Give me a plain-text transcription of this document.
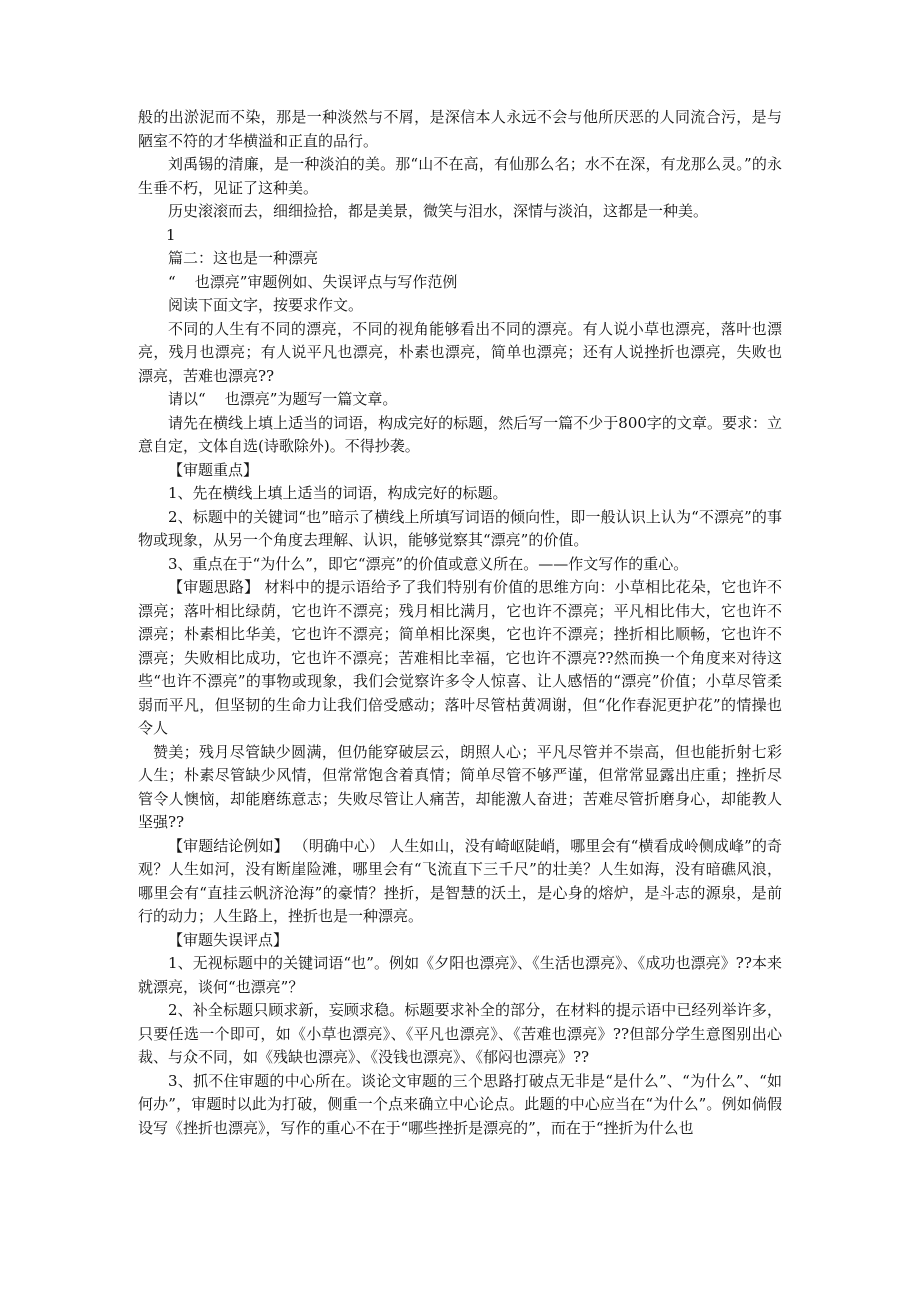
般的出淤泥而不染，那是一种淡然与不屑，是深信本人永远不会与他所厌恶的人同流合污，是与陋室不符的才华横溢和正直的品行。

刘禹锡的清廉，是一种淡泊的美。那“山不在高，有仙那么名；水不在深，有龙那么灵。”的永生垂不朽，见证了这种美。

历史滚滚而去，细细捡拾，都是美景，微笑与泪水，深情与淡泊，这都是一种美。

1

篇二：这也是一种漂亮

“    也漂亮”审题例如、失误评点与写作范例

阅读下面文字，按要求作文。

不同的人生有不同的漂亮，不同的视角能够看出不同的漂亮。有人说小草也漂亮，落叶也漂亮，残月也漂亮；有人说平凡也漂亮，朴素也漂亮，简单也漂亮；还有人说挫折也漂亮，失败也漂亮，苦难也漂亮??

请以“    也漂亮”为题写一篇文章。

请先在横线上填上适当的词语，构成完好的标题，然后写一篇不少于800字的文章。要求：立意自定，文体自选(诗歌除外)。不得抄袭。

【审题重点】

1、先在横线上填上适当的词语，构成完好的标题。

2、标题中的关键词“也”暗示了横线上所填写词语的倾向性，即一般认识上认为“不漂亮”的事物或现象，从另一个角度去理解、认识，能够觉察其“漂亮”的价值。

3、重点在于“为什么”，即它“漂亮”的价值或意义所在。——作文写作的重心。

【审题思路】 材料中的提示语给予了我们特别有价值的思维方向：小草相比花朵，它也许不漂亮；落叶相比绿荫，它也许不漂亮；残月相比满月，它也许不漂亮；平凡相比伟大，它也许不漂亮；朴素相比华美，它也许不漂亮；简单相比深奥，它也许不漂亮；挫折相比顺畅，它也许不漂亮；失败相比成功，它也许不漂亮；苦难相比幸福，它也许不漂亮??然而换一个角度来对待这些“也许不漂亮”的事物或现象，我们会觉察许多令人惊喜、让人感悟的“漂亮”价值；小草尽管柔弱而平凡，但坚韧的生命力让我们倍受感动；落叶尽管枯黄凋谢，但“化作春泥更护花”的情操也令人

赞美；残月尽管缺少圆满，但仍能穿破层云，朗照人心；平凡尽管并不崇高，但也能折射七彩人生；朴素尽管缺少风情，但常常饱含着真情；简单尽管不够严谨，但常常显露出庄重；挫折尽管令人懊恼，却能磨练意志；失败尽管让人痛苦，却能激人奋进；苦难尽管折磨身心，却能教人坚强??

【审题结论例如】 （明确中心） 人生如山，没有崎岖陡峭，哪里会有“横看成岭侧成峰”的奇观？人生如河，没有断崖险滩，哪里会有“飞流直下三千尺”的壮美？人生如海，没有暗礁风浪，哪里会有“直挂云帆济沧海”的豪情？挫折，是智慧的沃土，是心身的熔炉，是斗志的源泉，是前行的动力；人生路上，挫折也是一种漂亮。

【审题失误评点】

1、无视标题中的关键词语“也”。例如《夕阳也漂亮》、《生活也漂亮》、《成功也漂亮》??本来就漂亮，谈何“也漂亮”？

2、补全标题只顾求新，妄顾求稳。标题要求补全的部分，在材料的提示语中已经列举许多，只要任选一个即可，如《小草也漂亮》、《平凡也漂亮》、《苦难也漂亮》??但部分学生意图别出心裁、与众不同，如《残缺也漂亮》、《没钱也漂亮》、《郁闷也漂亮》??

3、抓不住审题的中心所在。谈论文审题的三个思路打破点无非是“是什么”、“为什么”、“如何办”，审题时以此为打破，侧重一个点来确立中心论点。此题的中心应当在“为什么”。例如倘假设写《挫折也漂亮》，写作的重心不在于“哪些挫折是漂亮的”，而在于“挫折为什么也
